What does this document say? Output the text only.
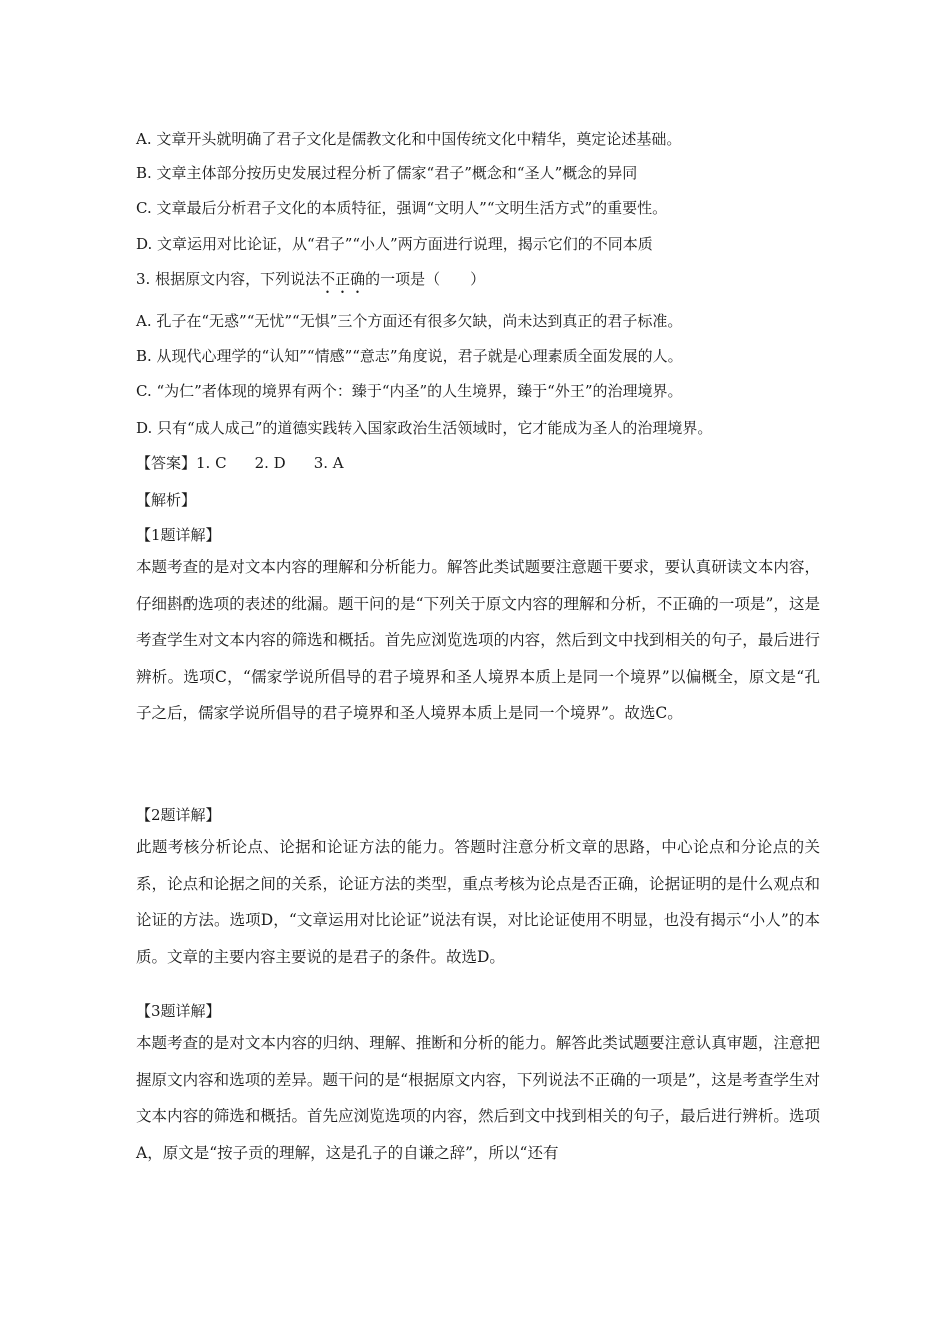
A. 文章开头就明确了君子文化是儒教文化和中国传统文化中精华，奠定论述基础。
B. 文章主体部分按历史发展过程分析了儒家“君子”概念和“圣人”概念的异同
C. 文章最后分析君子文化的本质特征，强调“文明人”“文明生活方式”的重要性。
D. 文章运用对比论证，从“君子”“小人”两方面进行说理，揭示它们的不同本质
3. 根据原文内容，下列说法不正确的一项是（　　）
A. 孔子在“无惑”“无忧”“无惧”三个方面还有很多欠缺，尚未达到真正的君子标准。
B. 从现代心理学的“认知”“情感”“意志”角度说，君子就是心理素质全面发展的人。
C. “为仁”者体现的境界有两个：臻于“内圣”的人生境界，臻于“外王”的治理境界。
D. 只有“成人成己”的道德实践转入国家政治生活领域时，它才能成为圣人的治理境界。
【答案】1. C 2. D 3. A
【解析】
【1题详解】
本题考查的是对文本内容的理解和分析能力。解答此类试题要注意题干要求，要认真研读文本内容，仔细斟酌选项的表述的纰漏。题干问的是“下列关于原文内容的理解和分析，不正确的一项是”，这是考查学生对文本内容的筛选和概括。首先应浏览选项的内容，然后到文中找到相关的句子，最后进行辨析。选项C，“儒家学说所倡导的君子境界和圣人境界本质上是同一个境界”以偏概全，原文是“孔子之后，儒家学说所倡导的君子境界和圣人境界本质上是同一个境界”。故选C。
【2题详解】
此题考核分析论点、论据和论证方法的能力。答题时注意分析文章的思路，中心论点和分论点的关系，论点和论据之间的关系，论证方法的类型，重点考核为论点是否正确，论据证明的是什么观点和论证的方法。选项D，“文章运用对比论证”说法有误，对比论证使用不明显，也没有揭示“小人”的本质。文章的主要内容主要说的是君子的条件。故选D。
【3题详解】
本题考查的是对文本内容的归纳、理解、推断和分析的能力。解答此类试题要注意认真审题，注意把握原文内容和选项的差异。题干问的是“根据原文内容，下列说法不正确的一项是”，这是考查学生对文本内容的筛选和概括。首先应浏览选项的内容，然后到文中找到相关的句子，最后进行辨析。选项A，原文是“按子贡的理解，这是孔子的自谦之辞”，所以“还有
